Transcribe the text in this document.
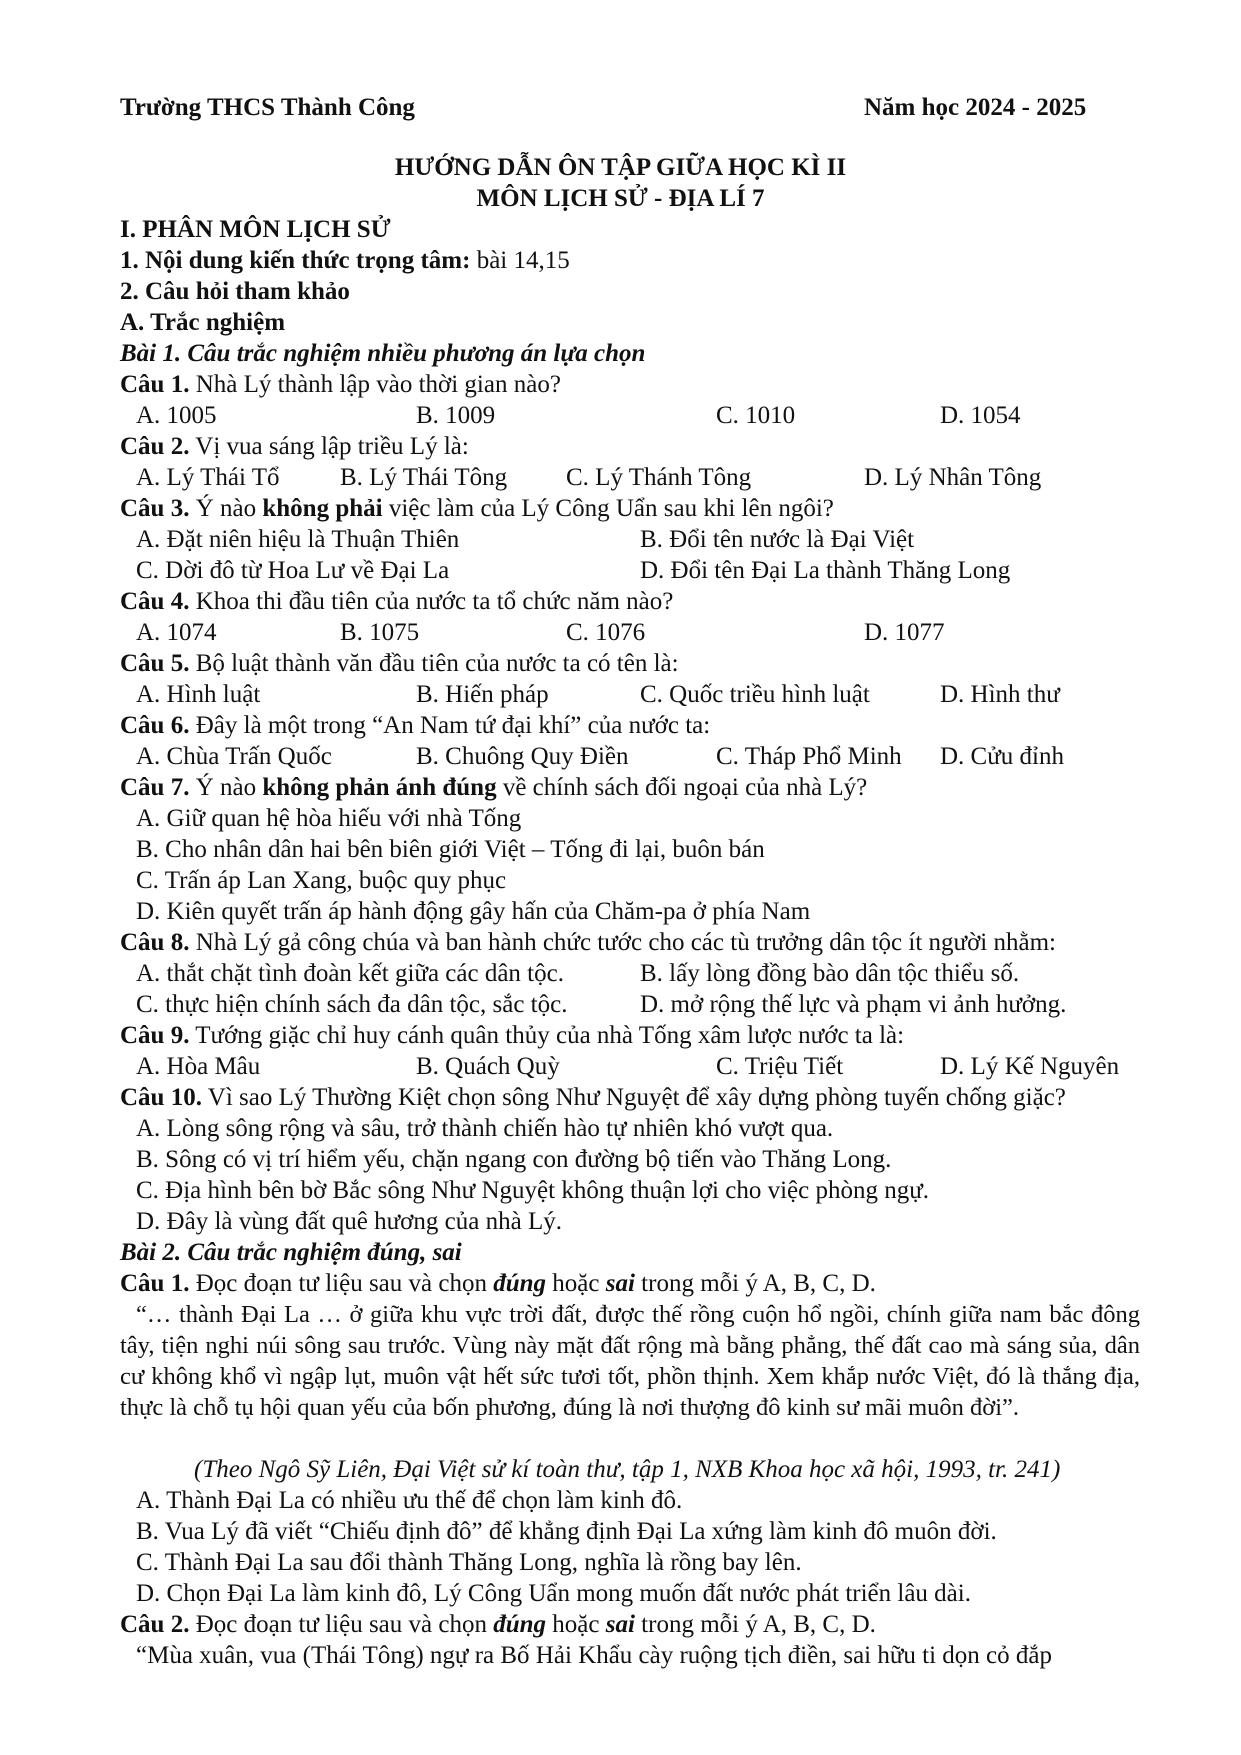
Trường THCS Thành Công	Năm học 2024 - 2025
HƯỚNG DẪN ÔN TẬP GIỮA HỌC KÌ II
MÔN LỊCH SỬ - ĐỊA LÍ 7
I. PHÂN MÔN LỊCH SỬ
1. Nội dung kiến thức trọng tâm: bài 14,15
2. Câu hỏi tham khảo
A. Trắc nghiệm
Bài 1. Câu trắc nghiệm nhiều phương án lựa chọn
Câu 1. Nhà Lý thành lập vào thời gian nào?
A. 1005	B. 1009	C. 1010	D. 1054
Câu 2. Vị vua sáng lập triều Lý là:
A. Lý Thái Tổ B. Lý Thái Tông C. Lý Thánh Tông	D. Lý Nhân Tông
Câu 3. Ý nào không phải việc làm của Lý Công Uẩn sau khi lên ngôi?
A. Đặt niên hiệu là Thuận Thiên	B. Đổi tên nước là Đại Việt
C. Dời đô từ Hoa Lư về Đại La	D. Đổi tên Đại La thành Thăng Long
Câu 4. Khoa thi đầu tiên của nước ta tổ chức năm nào?
A. 1074	B. 1075	C. 1076	D. 1077
Câu 5. Bộ luật thành văn đầu tiên của nước ta có tên là:
A. Hình luật	B. Hiến pháp	C. Quốc triều hình luật	D. Hình thư
Câu 6. Đây là một trong “An Nam tứ đại khí” của nước ta:
A. Chùa Trấn Quốc	B. Chuông Quy Điền	C. Tháp Phổ Minh D. Cửu đỉnh
Câu 7. Ý nào không phản ánh đúng về chính sách đối ngoại của nhà Lý?
A. Giữ quan hệ hòa hiếu với nhà Tống
B. Cho nhân dân hai bên biên giới Việt – Tống đi lại, buôn bán
C. Trấn áp Lan Xang, buộc quy phục
D. Kiên quyết trấn áp hành động gây hấn của Chăm-pa ở phía Nam
Câu 8. Nhà Lý gả công chúa và ban hành chức tước cho các tù trưởng dân tộc ít người nhằm:
A. thắt chặt tình đoàn kết giữa các dân tộc.	B. lấy lòng đồng bào dân tộc thiểu số.
C. thực hiện chính sách đa dân tộc, sắc tộc.	D. mở rộng thế lực và phạm vi ảnh hưởng.
Câu 9. Tướng giặc chỉ huy cánh quân thủy của nhà Tống xâm lược nước ta là:
A. Hòa Mâu	B. Quách Quỳ	C. Triệu Tiết	D. Lý Kế Nguyên
Câu 10. Vì sao Lý Thường Kiệt chọn sông Như Nguyệt để xây dựng phòng tuyến chống giặc?
A. Lòng sông rộng và sâu, trở thành chiến hào tự nhiên khó vượt qua.
B. Sông có vị trí hiểm yếu, chặn ngang con đường bộ tiến vào Thăng Long.
C. Địa hình bên bờ Bắc sông Như Nguyệt không thuận lợi cho việc phòng ngự.
D. Đây là vùng đất quê hương của nhà Lý.
Bài 2. Câu trắc nghiệm đúng, sai
Câu 1. Đọc đoạn tư liệu sau và chọn đúng hoặc sai trong mỗi ý A, B, C, D.
“… thành Đại La … ở giữa khu vực trời đất, được thế rồng cuộn hổ ngồi, chính giữa nam bắc đông tây, tiện nghi núi sông sau trước. Vùng này mặt đất rộng mà bằng phẳng, thế đất cao mà sáng sủa, dân cư không khổ vì ngập lụt, muôn vật hết sức tươi tốt, phồn thịnh. Xem khắp nước Việt, đó là thắng địa, thực là chỗ tụ hội quan yếu của bốn phương, đúng là nơi thượng đô kinh sư mãi muôn đời”.
(Theo Ngô Sỹ Liên, Đại Việt sử kí toàn thư, tập 1, NXB Khoa học xã hội, 1993, tr. 241)
A. Thành Đại La có nhiều ưu thế để chọn làm kinh đô.
B. Vua Lý đã viết “Chiếu định đô” để khẳng định Đại La xứng làm kinh đô muôn đời.
C. Thành Đại La sau đổi thành Thăng Long, nghĩa là rồng bay lên.
D. Chọn Đại La làm kinh đô, Lý Công Uẩn mong muốn đất nước phát triển lâu dài.
Câu 2. Đọc đoạn tư liệu sau và chọn đúng hoặc sai trong mỗi ý A, B, C, D.
“Mùa xuân, vua (Thái Tông) ngự ra Bố Hải Khẩu cày ruộng tịch điền, sai hữu ti dọn cỏ đắp
